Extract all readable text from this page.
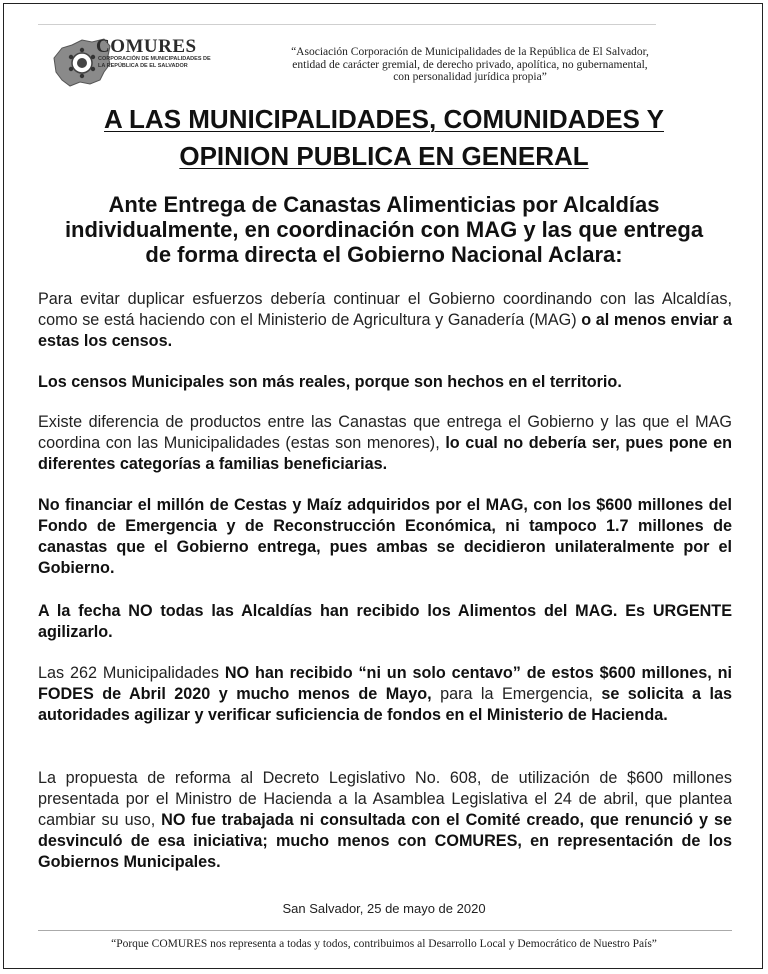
COMURES
CORPORACIÓN DE MUNICIPALIDADES DE LA REPÚBLICA DE EL SALVADOR
“Asociación Corporación de Municipalidades de la República de El Salvador,
entidad de carácter gremial, de derecho privado, apolítica, no gubernamental,
con personalidad jurídica propia”
A LAS MUNICIPALIDADES, COMUNIDADES Y
OPINION PUBLICA EN GENERAL
Ante Entrega de Canastas Alimenticias por Alcaldías
individualmente, en coordinación con MAG y las que entrega
de forma directa el Gobierno Nacional Aclara:
Para evitar duplicar esfuerzos debería continuar el Gobierno coordinando con las Alcaldías, como se está haciendo con el Ministerio de Agricultura y Ganadería (MAG) o al menos enviar a estas los censos.
Los censos Municipales son más reales, porque son hechos en el territorio.
Existe diferencia de productos entre las Canastas que entrega el Gobierno y las que el MAG coordina con las Municipalidades (estas son menores), lo cual no debería ser, pues pone en diferentes categorías a familias beneficiarias.
No financiar el millón de Cestas y Maíz adquiridos por el MAG, con los $600 millones del Fondo de Emergencia y de Reconstrucción Económica, ni tampoco 1.7 millones de canastas que el Gobierno entrega, pues ambas se decidieron unilateralmente por el Gobierno.
A la fecha NO todas las Alcaldías han recibido los Alimentos del MAG. Es URGENTE agilizarlo.
Las 262 Municipalidades NO han recibido “ni un solo centavo” de estos $600 millones, ni FODES de Abril 2020 y mucho menos de Mayo, para la Emergencia, se solicita a las autoridades agilizar y verificar suficiencia de fondos en el Ministerio de Hacienda.
La propuesta de reforma al Decreto Legislativo No. 608, de utilización de $600 millones presentada por el Ministro de Hacienda a la Asamblea Legislativa el 24 de abril, que plantea cambiar su uso, NO fue trabajada ni consultada con el Comité creado, que renunció y se desvinculó de esa iniciativa; mucho menos con COMURES, en representación de los Gobiernos Municipales.
San Salvador, 25 de mayo de 2020
“Porque COMURES nos representa a todas y todos, contribuimos al Desarrollo Local y Democrático de Nuestro País”
